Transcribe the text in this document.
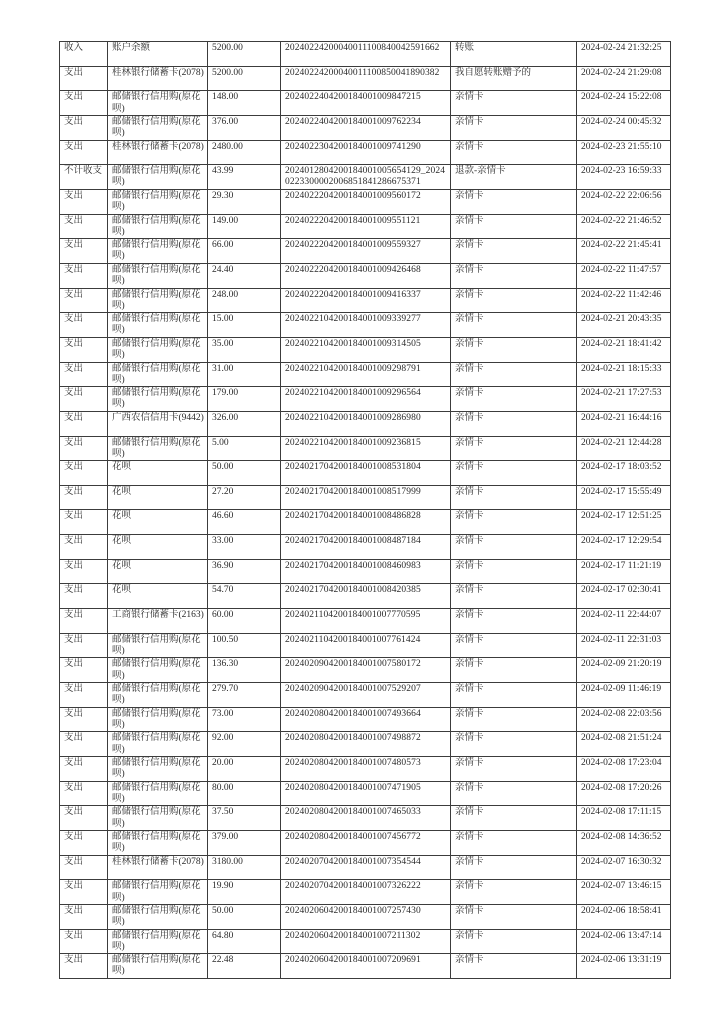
收入	账户余额	5200.00	20240224200040011100840042591662	转账	2024-02-24 21:32:25
支出	桂林银行储蓄卡(2078)	5200.00	20240224200040011100850041890382	我自愿转账赠予的	2024-02-24 21:29:08
支出	邮储银行信用购(原花呗)	148.00	2024022404200184001009847215	亲情卡	2024-02-24 15:22:08
支出	邮储银行信用购(原花呗)	376.00	2024022404200184001009762234	亲情卡	2024-02-24 00:45:32
支出	桂林银行储蓄卡(2078)	2480.00	2024022304200184001009741290	亲情卡	2024-02-23 21:55:10
不计收支	邮储银行信用购(原花呗)	43.99	2024012804200184001005654129_20240223300002006851841286675371	退款-亲情卡	2024-02-23 16:59:33
支出	邮储银行信用购(原花呗)	29.30	2024022204200184001009560172	亲情卡	2024-02-22 22:06:56
支出	邮储银行信用购(原花呗)	149.00	2024022204200184001009551121	亲情卡	2024-02-22 21:46:52
支出	邮储银行信用购(原花呗)	66.00	2024022204200184001009559327	亲情卡	2024-02-22 21:45:41
支出	邮储银行信用购(原花呗)	24.40	2024022204200184001009426468	亲情卡	2024-02-22 11:47:57
支出	邮储银行信用购(原花呗)	248.00	2024022204200184001009416337	亲情卡	2024-02-22 11:42:46
支出	邮储银行信用购(原花呗)	15.00	2024022104200184001009339277	亲情卡	2024-02-21 20:43:35
支出	邮储银行信用购(原花呗)	35.00	2024022104200184001009314505	亲情卡	2024-02-21 18:41:42
支出	邮储银行信用购(原花呗)	31.00	2024022104200184001009298791	亲情卡	2024-02-21 18:15:33
支出	邮储银行信用购(原花呗)	179.00	2024022104200184001009296564	亲情卡	2024-02-21 17:27:53
支出	广西农信信用卡(9442)	326.00	2024022104200184001009286980	亲情卡	2024-02-21 16:44:16
支出	邮储银行信用购(原花呗)	5.00	2024022104200184001009236815	亲情卡	2024-02-21 12:44:28
支出	花呗	50.00	2024021704200184001008531804	亲情卡	2024-02-17 18:03:52
支出	花呗	27.20	2024021704200184001008517999	亲情卡	2024-02-17 15:55:49
支出	花呗	46.60	2024021704200184001008486828	亲情卡	2024-02-17 12:51:25
支出	花呗	33.00	2024021704200184001008487184	亲情卡	2024-02-17 12:29:54
支出	花呗	36.90	2024021704200184001008460983	亲情卡	2024-02-17 11:21:19
支出	花呗	54.70	2024021704200184001008420385	亲情卡	2024-02-17 02:30:41
支出	工商银行储蓄卡(2163)	60.00	2024021104200184001007770595	亲情卡	2024-02-11 22:44:07
支出	邮储银行信用购(原花呗)	100.50	2024021104200184001007761424	亲情卡	2024-02-11 22:31:03
支出	邮储银行信用购(原花呗)	136.30	2024020904200184001007580172	亲情卡	2024-02-09 21:20:19
支出	邮储银行信用购(原花呗)	279.70	2024020904200184001007529207	亲情卡	2024-02-09 11:46:19
支出	邮储银行信用购(原花呗)	73.00	2024020804200184001007493664	亲情卡	2024-02-08 22:03:56
支出	邮储银行信用购(原花呗)	92.00	2024020804200184001007498872	亲情卡	2024-02-08 21:51:24
支出	邮储银行信用购(原花呗)	20.00	2024020804200184001007480573	亲情卡	2024-02-08 17:23:04
支出	邮储银行信用购(原花呗)	80.00	2024020804200184001007471905	亲情卡	2024-02-08 17:20:26
支出	邮储银行信用购(原花呗)	37.50	2024020804200184001007465033	亲情卡	2024-02-08 17:11:15
支出	邮储银行信用购(原花呗)	379.00	2024020804200184001007456772	亲情卡	2024-02-08 14:36:52
支出	桂林银行储蓄卡(2078)	3180.00	2024020704200184001007354544	亲情卡	2024-02-07 16:30:32
支出	邮储银行信用购(原花呗)	19.90	2024020704200184001007326222	亲情卡	2024-02-07 13:46:15
支出	邮储银行信用购(原花呗)	50.00	2024020604200184001007257430	亲情卡	2024-02-06 18:58:41
支出	邮储银行信用购(原花呗)	64.80	2024020604200184001007211302	亲情卡	2024-02-06 13:47:14
支出	邮储银行信用购(原花呗)	22.48	2024020604200184001007209691	亲情卡	2024-02-06 13:31:19
